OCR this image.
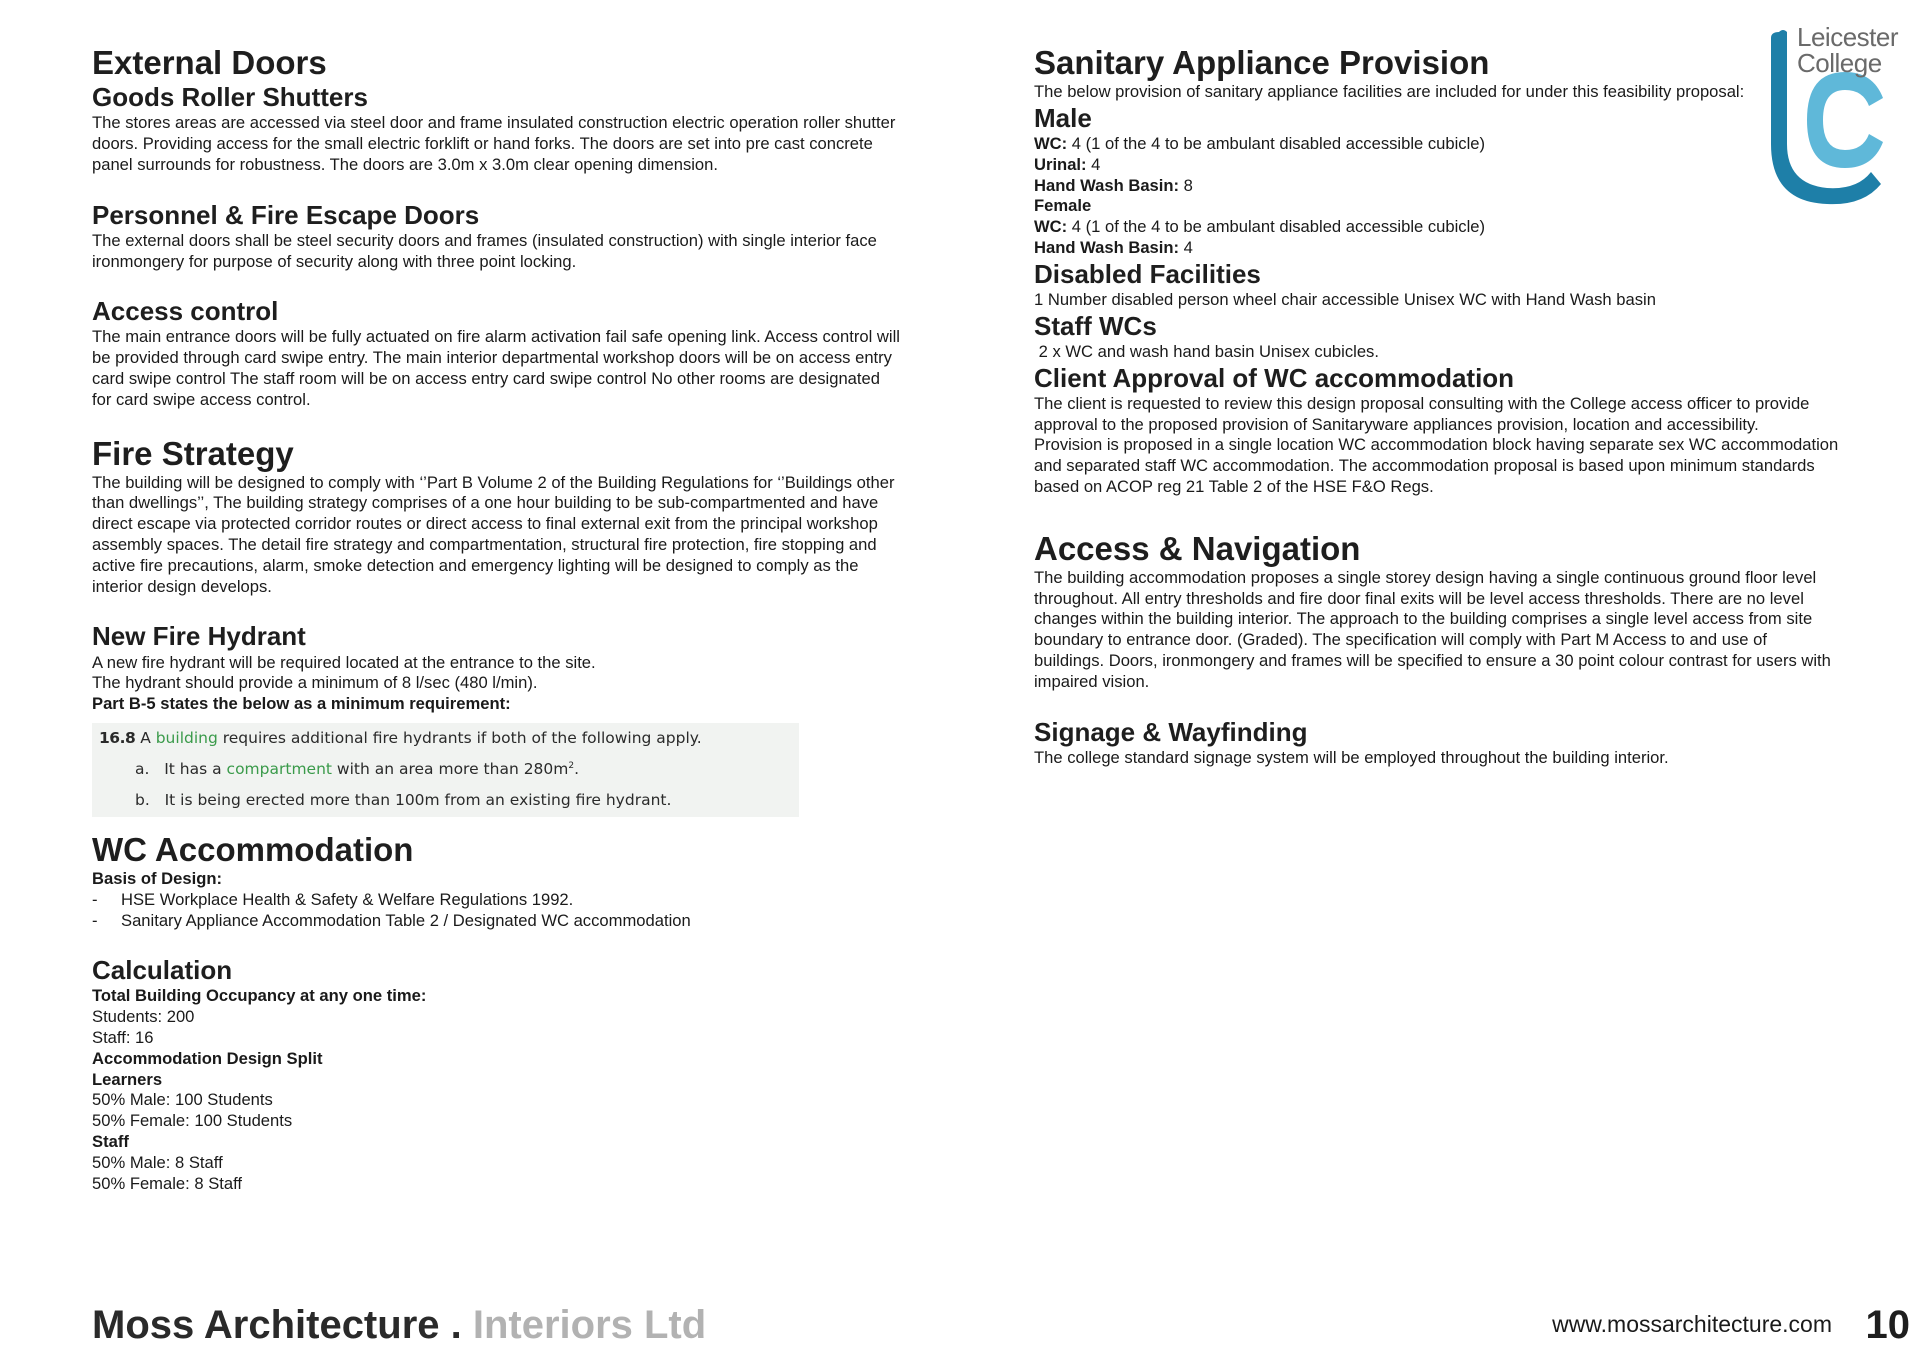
External Doors
Goods Roller Shutters

The stores areas are accessed via steel door and frame insulated construction electric operation roller shutter
doors. Providing access for the small electric forklift or hand forks. The doors are set into pre cast concrete
panel surrounds for robustness. The doors are 3.0m x 3.0m clear opening dimension.

Personnel & Fire Escape Doors

The external doors shall be steel security doors and frames (insulated construction) with single interior face
ironmongery for purpose of security along with three point locking.

Access control

The main entrance doors will be fully actuated on fire alarm activation fail safe opening link. Access control will
be provided through card swipe entry. The main interior departmental workshop doors will be on access entry
card swipe control The staff room will be on access entry card swipe control No other rooms are designated
for card swipe access control.

Fire Strategy

The building will be designed to comply with ‘’Part B Volume 2 of the Building Regulations for ‘’Buildings other
than dwellings’’, The building strategy comprises of a one hour building to be sub-compartmented and have
direct escape via protected corridor routes or direct access to final external exit from the principal workshop
assembly spaces. The detail fire strategy and compartmentation, structural fire protection, fire stopping and
active fire precautions, alarm, smoke detection and emergency lighting will be designed to comply as the
interior design develops.

New Fire Hydrant

A new fire hydrant will be required located at the entrance to the site.
The hydrant should provide a minimum of 8 l/sec (480 l/min).
Part B-5 states the below as a minimum requirement:

16.8 A building requires additional fire hydrants if both of the following apply.
a. It has a compartment with an area more than $280m^2$.
b. It is being erected more than 100m from an existing fire hydrant.
WC Accommodation

Basis of Design:

- HSE Workplace Health & Safety & Welfare Regulations 1992.
- Sanitary Appliance Accommodation Table 2 / Designated WC accommodation
Calculation

Total Building Occupancy at any one time:

Students: 200

Staff: 16

Accommodation Design Split

Learners

50% Male: 100 Students

50% Female: 100 Students

Staff

50% Male: 8 Staff

50% Female: 8 Staff

Sanitary Appliance Provision

The below provision of sanitary appliance facilities are included for under this feasibility proposal:

Male

WC: 4 (1 of the 4 to be ambulant disabled accessible cubicle)

Urinal: 4

Hand Wash Basin: 8

Female

WC: 4 (1 of the 4 to be ambulant disabled accessible cubicle)

Hand Wash Basin: 4

Disabled Facilities

1 Number disabled person wheel chair accessible Unisex WC with Hand Wash basin

Staff WCs

2 x WC and wash hand basin Unisex cubicles.

Client Approval of WC accommodation

The client is requested to review this design proposal consulting with the College access officer to provide
approval to the proposed provision of Sanitaryware appliances provision, location and accessibility.
Provision is proposed in a single location WC accommodation block having separate sex WC accommodation
and separated staff WC accommodation. The accommodation proposal is based upon minimum standards
based on ACOP reg 21 Table 2 of the HSE F&O Regs.

Access & Navigation

The building accommodation proposes a single storey design having a single continuous ground floor level
throughout. All entry thresholds and fire door final exits will be level access thresholds. There are no level
changes within the building interior. The approach to the building comprises a single level access from site
boundary to entrance door. (Graded). The specification will comply with Part M Access to and use of
buildings. Doors, ironmongery and frames will be specified to ensure a 30 point colour contrast for users with
impaired vision.

Signage & Wayfinding

The college standard signage system will be employed throughout the building interior.

Leicester
College
Moss Architecture . Interiors Ltd	www.mossarchitecture.com 10
